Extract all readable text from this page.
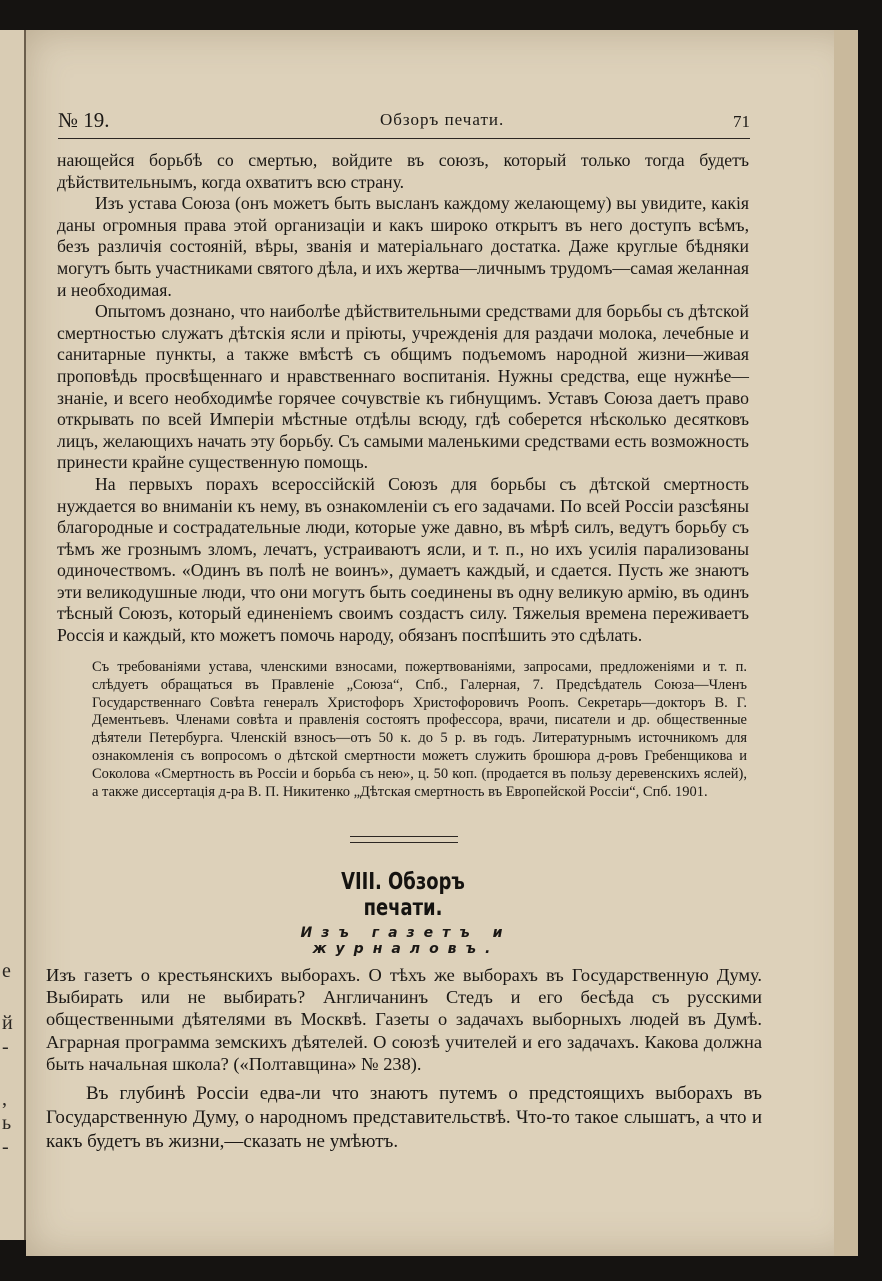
е
й
-
,
ь
-
№ 19.	Обзоръ печати.	71

нающейся борьбѣ со смертью, войдите въ союзъ, который только тогда будетъ дѣйствительнымъ, когда охватитъ всю страну.

Изъ устава Союза (онъ можетъ быть высланъ каждому желающему) вы увидите, какія даны огромныя права этой организаціи и какъ широко открытъ въ него доступъ всѣмъ, безъ различія состояній, вѣры, званія и матеріальнаго достатка. Даже круглые бѣдняки могутъ быть участниками святого дѣла, и ихъ жертва—личнымъ трудомъ—самая желанная и необходимая.

Опытомъ дознано, что наиболѣе дѣйствительными средствами для борьбы съ дѣтской смертностью служатъ дѣтскія ясли и пріюты, учрежденія для раздачи молока, лечебные и санитарные пункты, а также вмѣстѣ съ общимъ подъемомъ народной жизни—живая проповѣдь просвѣщеннаго и нравственнаго воспитанія. Нужны средства, еще нужнѣе—знаніе, и всего необходимѣе горячее сочувствіе къ гибнущимъ. Уставъ Союза даетъ право открывать по всей Имперіи мѣстные отдѣлы всюду, гдѣ соберется нѣсколько десятковъ лицъ, желающихъ начать эту борьбу. Съ самыми маленькими средствами есть возможность принести крайне существенную помощь.

На первыхъ порахъ всероссійскій Союзъ для борьбы съ дѣтской смертность нуждается во вниманіи къ нему, въ ознакомленіи съ его задачами. По всей Россіи разсѣяны благородные и сострадательные люди, которые уже давно, въ мѣрѣ силъ, ведутъ борьбу съ тѣмъ же грознымъ зломъ, лечатъ, устраиваютъ ясли, и т. п., но ихъ усилія парализованы одиночествомъ. «Одинъ въ полѣ не воинъ», думаетъ каждый, и сдается. Пусть же знаютъ эти великодушные люди, что они могутъ быть соединены въ одну великую армію, въ одинъ тѣсный Союзъ, который единеніемъ своимъ создастъ силу. Тяжелыя времена переживаетъ Россія и каждый, кто можетъ помочь народу, обязанъ поспѣшить это сдѣлать.

Съ требованіями устава, членскими взносами, пожертвованіями, запросами, предложеніями и т. п. слѣдуетъ обращаться въ Правленіе „Союза“, Спб., Галерная, 7. Предсѣдатель Союза—Членъ Государственнаго Совѣта генералъ Христофоръ Христофоровичъ Роопъ. Секретарь—докторъ В. Г. Дементьевъ. Членами совѣта и правленія состоятъ профессора, врачи, писатели и др. общественные дѣятели Петербурга. Членскій взносъ—отъ 50 к. до 5 р. въ годъ. Литературнымъ источникомъ для ознакомленія съ вопросомъ о дѣтской смертности можетъ служить брошюра д-ровъ Гребенщикова и Соколова «Смертность въ Россіи и борьба съ нею», ц. 50 коп. (продается въ пользу деревенскихъ яслей), а также диссертація д-ра В. П. Никитенко „Дѣтская смертность въ Европейской Россіи“, Спб. 1901.
VIII. Обзоръ печати.
Изъ газетъ и журналовъ.
Изъ газетъ о крестьянскихъ выборахъ. О тѣхъ же выборахъ въ Государственную Думу. Выбирать или не выбирать? Англичанинъ Стедъ и его бесѣда съ русскими общественными дѣятелями въ Москвѣ. Газеты о задачахъ выборныхъ людей въ Думѣ. Аграрная программа земскихъ дѣятелей. О союзѣ учителей и его задачахъ. Какова должна быть начальная школа? («Полтавщина» № 238).

Въ глубинѣ Россіи едва-ли что знаютъ путемъ о предстоящихъ выборахъ въ Государственную Думу, о народномъ представительствѣ. Что-то такое слышатъ, а что и какъ будетъ въ жизни,—сказать не умѣютъ.
